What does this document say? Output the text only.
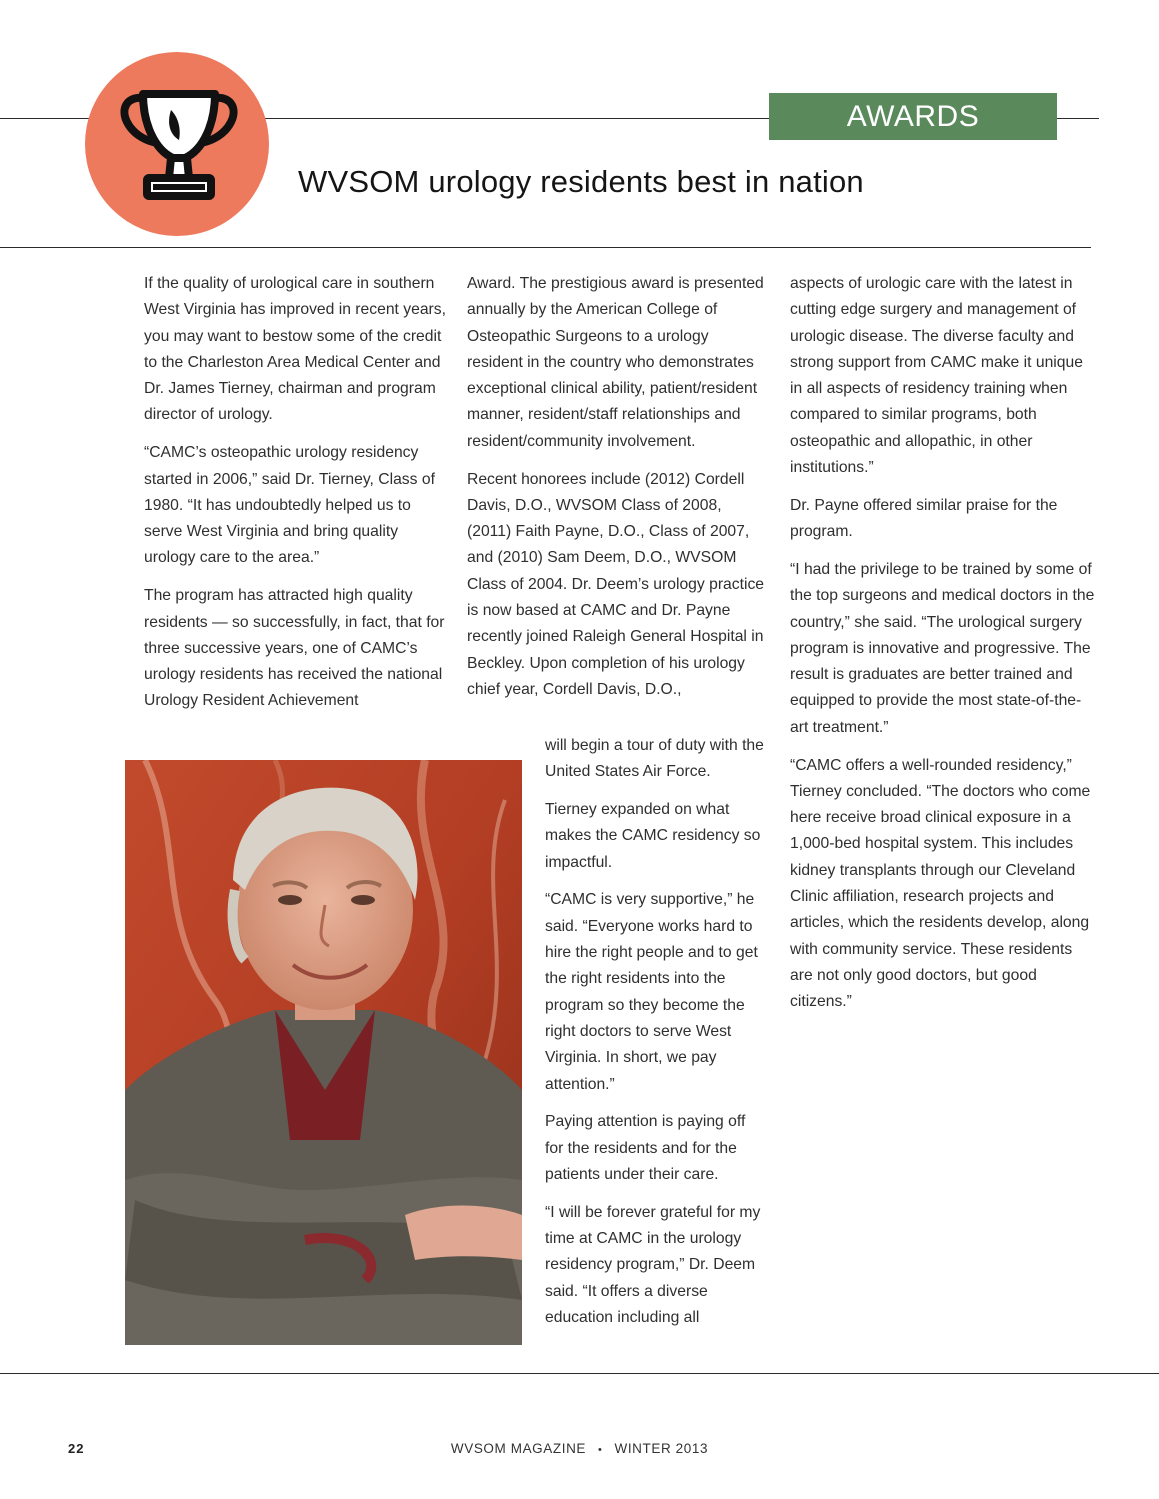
AWARDS
WVSOM urology residents best in nation

If the quality of urological care in southern West Virginia has improved in recent years, you may want to bestow some of the credit to the Charleston Area Medical Center and Dr. James Tierney, chairman and program director of urology.

“CAMC’s osteopathic urology residency started in 2006,” said Dr. Tierney, Class of 1980. “It has undoubtedly helped us to serve West Virginia and bring quality urology care to the area.”

The program has attracted high quality residents — so successfully, in fact, that for three successive years, one of CAMC’s urology residents has received the national Urology Resident Achievement

Award. The prestigious award is presented annually by the American College of Osteopathic Surgeons to a urology resident in the country who demonstrates exceptional clinical ability, patient/resident manner, resident/staff relationships and resident/community involvement.

Recent honorees include (2012) Cordell Davis, D.O., WVSOM Class of 2008, (2011) Faith Payne, D.O., Class of 2007, and (2010) Sam Deem, D.O., WVSOM Class of 2004. Dr. Deem’s urology practice is now based at CAMC and Dr. Payne recently joined Raleigh General Hospital in Beckley. Upon completion of his urology chief year, Cordell Davis, D.O.,

will begin a tour of duty with the United States Air Force.

Tierney expanded on what makes the CAMC residency so impactful.

“CAMC is very supportive,” he said. “Everyone works hard to hire the right people and to get the right residents into the program so they become the right doctors to serve West Virginia. In short, we pay attention.”

Paying attention is paying off for the residents and for the patients under their care.

“I will be forever grateful for my time at CAMC in the urology residency program,” Dr. Deem said. “It offers a diverse education including all

aspects of urologic care with the latest in cutting edge surgery and management of urologic disease. The diverse faculty and strong support from CAMC make it unique in all aspects of residency training when compared to similar programs, both osteopathic and allopathic, in other institutions.”

Dr. Payne offered similar praise for the program.

“I had the privilege to be trained by some of the top surgeons and medical doctors in the country,” she said. “The urological surgery program is innovative and progressive. The result is graduates are better trained and equipped to provide the most state-of-the-art treatment.”

“CAMC offers a well-rounded residency,” Tierney concluded. “The doctors who come here receive broad clinical exposure in a 1,000-bed hospital system. This includes kidney transplants through our Cleveland Clinic affiliation, research projects and articles, which the residents develop, along with community service. These residents are not only good doctors, but good citizens.”

22	WVSOM MAGAZINE • WINTER 2013
